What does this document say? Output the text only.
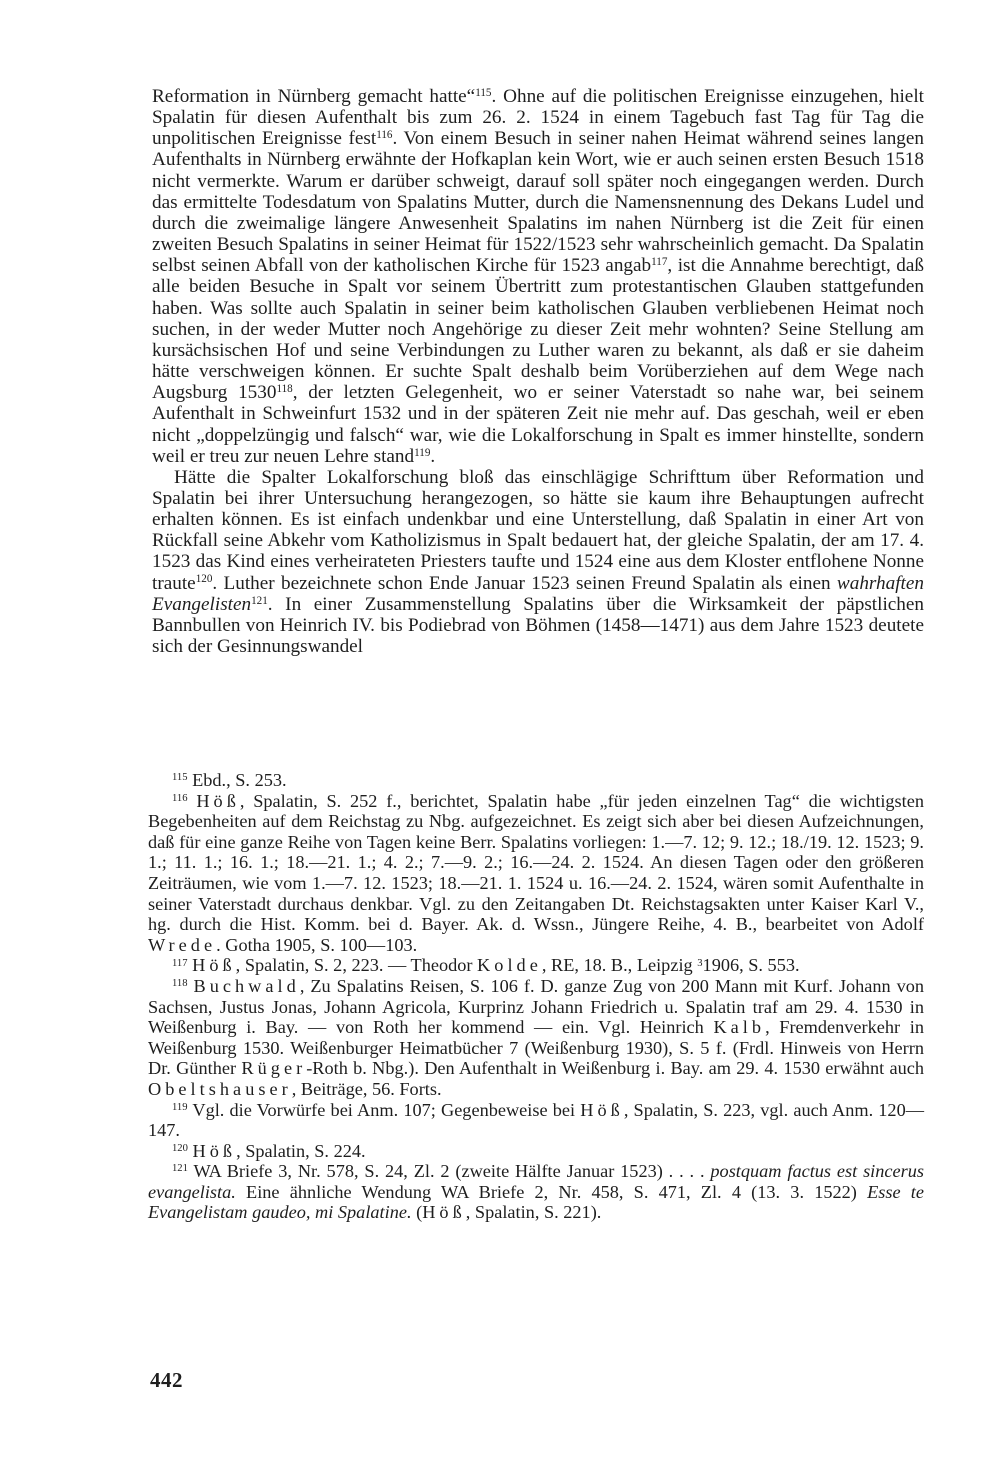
Reformation in Nürnberg gemacht hatte“$^{115}$. Ohne auf die politischen Ereignisse einzugehen, hielt Spalatin für diesen Aufenthalt bis zum 26. 2. 1524 in einem Tagebuch fast Tag für Tag die unpolitischen Ereignisse fest$^{116}$. Von einem Besuch in seiner nahen Heimat während seines langen Aufenthalts in Nürnberg erwähnte der Hofkaplan kein Wort, wie er auch seinen ersten Besuch 1518 nicht vermerkte. Warum er darüber schweigt, darauf soll später noch eingegangen werden. Durch das ermittelte Todesdatum von Spalatins Mutter, durch die Namensnennung des Dekans Ludel und durch die zweimalige längere Anwesenheit Spalatins im nahen Nürnberg ist die Zeit für einen zweiten Besuch Spalatins in seiner Heimat für 1522/1523 sehr wahrscheinlich gemacht. Da Spalatin selbst seinen Abfall von der katholischen Kirche für 1523 angab$^{117}$, ist die Annahme berechtigt, daß alle beiden Besuche in Spalt vor seinem Übertritt zum protestantischen Glauben stattgefunden haben. Was sollte auch Spalatin in seiner beim katholischen Glauben verbliebenen Heimat noch suchen, in der weder Mutter noch Angehörige zu dieser Zeit mehr wohnten? Seine Stellung am kursächsischen Hof und seine Verbindungen zu Luther waren zu bekannt, als daß er sie daheim hätte verschweigen können. Er suchte Spalt deshalb beim Vorüberziehen auf dem Wege nach Augsburg 1530$^{118}$, der letzten Gelegenheit, wo er seiner Vaterstadt so nahe war, bei seinem Aufenthalt in Schweinfurt 1532 und in der späteren Zeit nie mehr auf. Das geschah, weil er eben nicht „doppelzüngig und falsch“ war, wie die Lokalforschung in Spalt es immer hinstellte, sondern weil er treu zur neuen Lehre stand$^{119}$.

Hätte die Spalter Lokalforschung bloß das einschlägige Schrifttum über Reformation und Spalatin bei ihrer Untersuchung herangezogen, so hätte sie kaum ihre Behauptungen aufrecht erhalten können. Es ist einfach undenkbar und eine Unterstellung, daß Spalatin in einer Art von Rückfall seine Abkehr vom Katholizismus in Spalt bedauert hat, der gleiche Spalatin, der am 17. 4. 1523 das Kind eines verheirateten Priesters taufte und 1524 eine aus dem Kloster entflohene Nonne traute$^{120}$. Luther bezeichnete schon Ende Januar 1523 seinen Freund Spalatin als einen wahrhaften Evangelisten$^{121}$. In einer Zusammenstellung Spalatins über die Wirksamkeit der päpstlichen Bannbullen von Heinrich IV. bis Podiebrad von Böhmen (1458—1471) aus dem Jahre 1523 deutete sich der Gesinnungswandel

$^{115}$ Ebd., S. 253.

$^{116}$ Höß, Spalatin, S. 252 f., berichtet, Spalatin habe „für jeden einzelnen Tag“ die wichtigsten Begebenheiten auf dem Reichstag zu Nbg. aufgezeichnet. Es zeigt sich aber bei diesen Aufzeichnungen, daß für eine ganze Reihe von Tagen keine Berr. Spalatins vorliegen: 1.—7. 12; 9. 12.; 18./19. 12. 1523; 9. 1.; 11. 1.; 16. 1.; 18.—21. 1.; 4. 2.; 7.—9. 2.; 16.—24. 2. 1524. An diesen Tagen oder den größeren Zeiträumen, wie vom 1.—7. 12. 1523; 18.—21. 1. 1524 u. 16.—24. 2. 1524, wären somit Aufenthalte in seiner Vaterstadt durchaus denkbar. Vgl. zu den Zeitangaben Dt. Reichstagsakten unter Kaiser Karl V., hg. durch die Hist. Komm. bei d. Bayer. Ak. d. Wssn., Jüngere Reihe, 4. B., bearbeitet von Adolf Wrede. Gotha 1905, S. 100—103.

$^{117}$ Höß, Spalatin, S. 2, 223. — Theodor Kolde, RE, 18. B., Leipzig $^3$1906, S. 553.

$^{118}$ Buchwald, Zu Spalatins Reisen, S. 106 f. D. ganze Zug von 200 Mann mit Kurf. Johann von Sachsen, Justus Jonas, Johann Agricola, Kurprinz Johann Friedrich u. Spalatin traf am 29. 4. 1530 in Weißenburg i. Bay. — von Roth her kommend — ein. Vgl. Heinrich Kalb, Fremdenverkehr in Weißenburg 1530. Weißenburger Heimatbücher 7 (Weißenburg 1930), S. 5 f. (Frdl. Hinweis von Herrn Dr. Günther Rüger-Roth b. Nbg.). Den Aufenthalt in Weißenburg i. Bay. am 29. 4. 1530 erwähnt auch Obeltshauser, Beiträge, 56. Forts.

$^{119}$ Vgl. die Vorwürfe bei Anm. 107; Gegenbeweise bei Höß, Spalatin, S. 223, vgl. auch Anm. 120—147.

$^{120}$ Höß, Spalatin, S. 224.

$^{121}$ WA Briefe 3, Nr. 578, S. 24, Zl. 2 (zweite Hälfte Januar 1523) . . . . postquam factus est sincerus evangelista. Eine ähnliche Wendung WA Briefe 2, Nr. 458, S. 471, Zl. 4 (13. 3. 1522) Esse te Evangelistam gaudeo, mi Spalatine. (Höß, Spalatin, S. 221).

442
